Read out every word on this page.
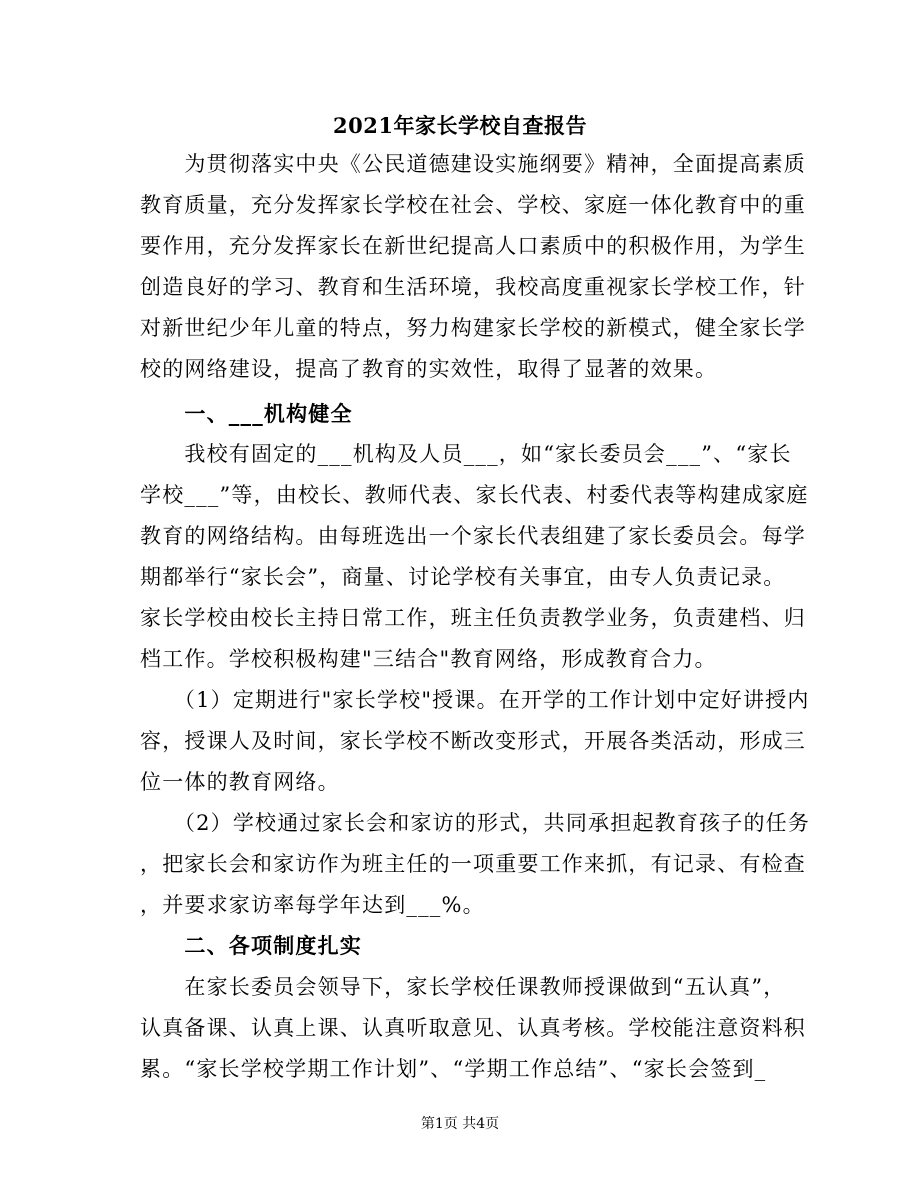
2021年家长学校自查报告
　　为贯彻落实中央《公民道德建设实施纲要》精神，全面提高素质
教育质量，充分发挥家长学校在社会、学校、家庭一体化教育中的重
要作用，充分发挥家长在新世纪提高人口素质中的积极作用，为学生
创造良好的学习、教育和生活环境，我校高度重视家长学校工作，针
对新世纪少年儿童的特点，努力构建家长学校的新模式，健全家长学
校的网络建设，提高了教育的实效性，取得了显著的效果。
　　一、___机构健全
　　我校有固定的___机构及人员___，如“家长委员会___”、“家长
学校___”等，由校长、教师代表、家长代表、村委代表等构建成家庭
教育的网络结构。由每班选出一个家长代表组建了家长委员会。每学
期都举行“家长会”，商量、讨论学校有关事宜，由专人负责记录。
家长学校由校长主持日常工作，班主任负责教学业务，负责建档、归
档工作。学校积极构建"三结合"教育网络，形成教育合力。
　　（1）定期进行"家长学校"授课。在开学的工作计划中定好讲授内
容，授课人及时间，家长学校不断改变形式，开展各类活动，形成三
位一体的教育网络。
　　（2）学校通过家长会和家访的形式，共同承担起教育孩子的任务
，把家长会和家访作为班主任的一项重要工作来抓，有记录、有检查
，并要求家访率每学年达到___%。
　　二、各项制度扎实
　　在家长委员会领导下，家长学校任课教师授课做到“五认真”，
认真备课、认真上课、认真听取意见、认真考核。学校能注意资料积
累。“家长学校学期工作计划”、“学期工作总结”、“家长会签到_
第1页 共4页
